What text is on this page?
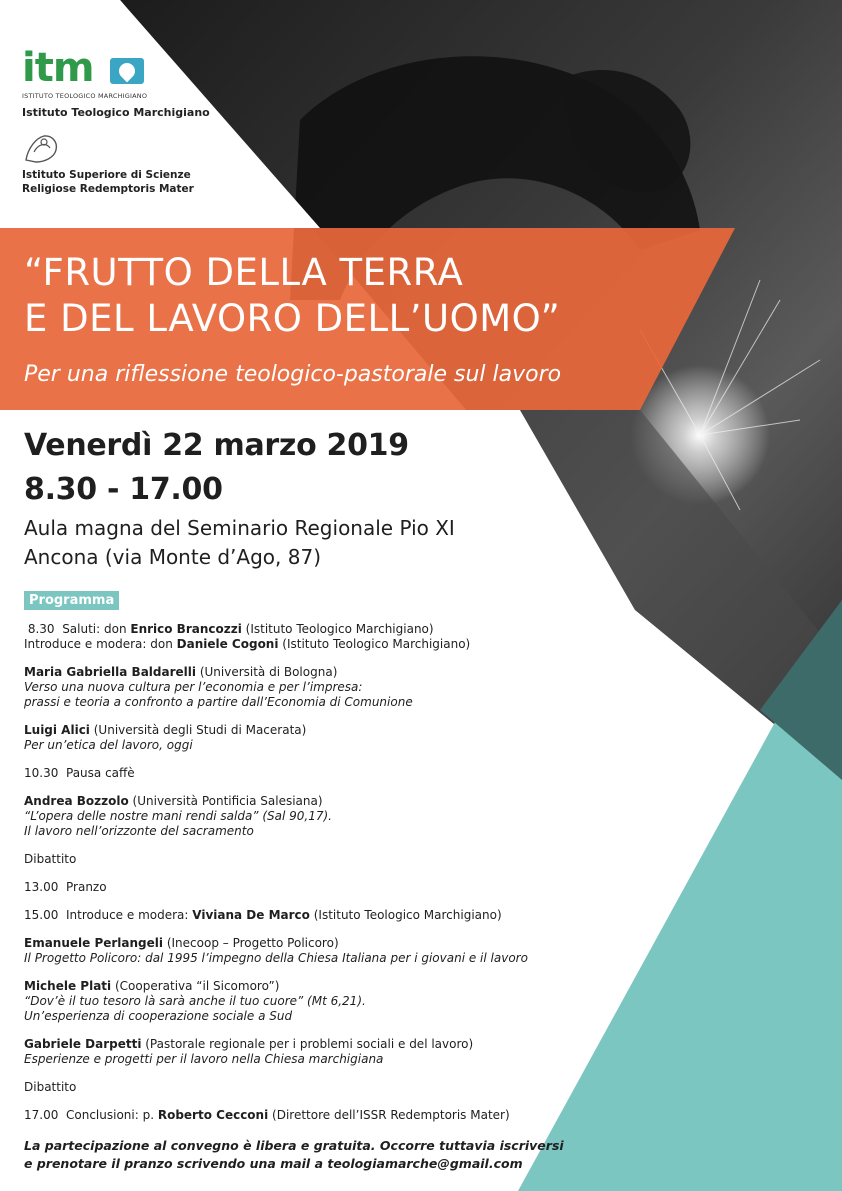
itm
ISTITUTO TEOLOGICO MARCHIGIANO
Istituto Teologico Marchigiano
Istituto Superiore di Scienze
Religiose Redemptoris Mater
“FRUTTO DELLA TERRA
E DEL LAVORO DELL’UOMO”
Per una riflessione teologico-pastorale sul lavoro
Venerdì 22 marzo 2019
8.30 - 17.00
Aula magna del Seminario Regionale Pio XI
Ancona (via Monte d’Ago, 87)
Programma
8.30 Saluti: don Enrico Brancozzi (Istituto Teologico Marchigiano)
Introduce e modera: don Daniele Cogoni (Istituto Teologico Marchigiano)
Maria Gabriella Baldarelli (Università di Bologna)
Verso una nuova cultura per l’economia e per l’impresa:
prassi e teoria a confronto a partire dall’Economia di Comunione
Luigi Alici (Università degli Studi di Macerata)
Per un’etica del lavoro, oggi
10.30 Pausa caffè
Andrea Bozzolo (Università Pontificia Salesiana)
“L’opera delle nostre mani rendi salda” (Sal 90,17).
Il lavoro nell’orizzonte del sacramento
Dibattito
13.00 Pranzo
15.00 Introduce e modera: Viviana De Marco (Istituto Teologico Marchigiano)
Emanuele Perlangeli (Inecoop – Progetto Policoro)
Il Progetto Policoro: dal 1995 l’impegno della Chiesa Italiana per i giovani e il lavoro
Michele Plati (Cooperativa “il Sicomoro”)
“Dov’è il tuo tesoro là sarà anche il tuo cuore” (Mt 6,21).
Un’esperienza di cooperazione sociale a Sud
Gabriele Darpetti (Pastorale regionale per i problemi sociali e del lavoro)
Esperienze e progetti per il lavoro nella Chiesa marchigiana
Dibattito
17.00 Conclusioni: p. Roberto Cecconi (Direttore dell’ISSR Redemptoris Mater)
La partecipazione al convegno è libera e gratuita. Occorre tuttavia iscriversi
e prenotare il pranzo scrivendo una mail a teologiamarche@gmail.com
